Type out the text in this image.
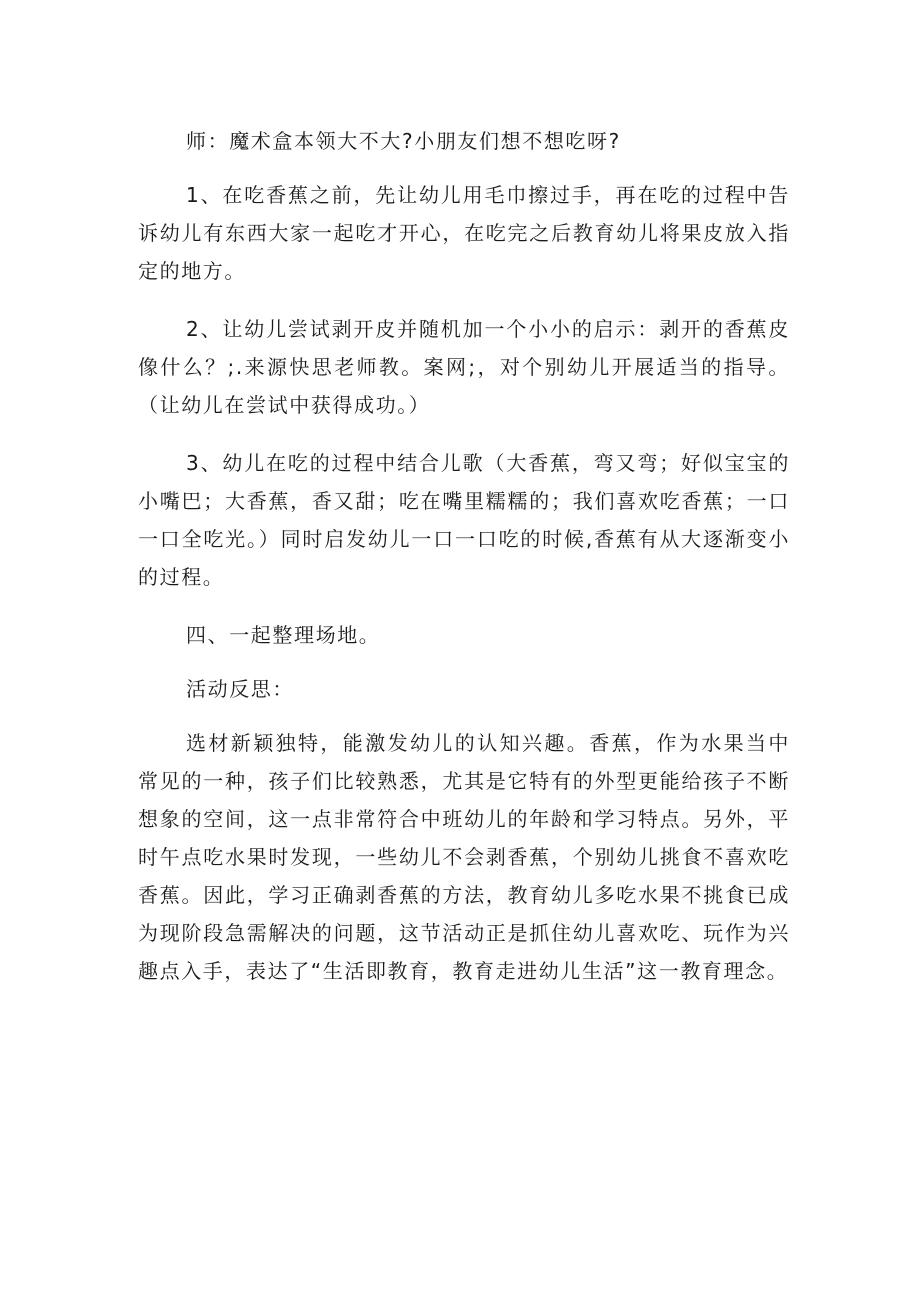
师：魔术盒本领大不大?小朋友们想不想吃呀?

1、在吃香蕉之前，先让幼儿用毛巾擦过手，再在吃的过程中告诉幼儿有东西大家一起吃才开心，在吃完之后教育幼儿将果皮放入指定的地方。

2、让幼儿尝试剥开皮并随机加一个小小的启示：剥开的香蕉皮像什么？;.来源快思老师教。案网;，对个别幼儿开展适当的指导。（让幼儿在尝试中获得成功。）

3、幼儿在吃的过程中结合儿歌（大香蕉，弯又弯；好似宝宝的小嘴巴；大香蕉，香又甜；吃在嘴里糯糯的；我们喜欢吃香蕉；一口一口全吃光。）同时启发幼儿一口一口吃的时候,香蕉有从大逐渐变小的过程。

四、一起整理场地。

活动反思：

选材新颖独特，能激发幼儿的认知兴趣。香蕉，作为水果当中常见的一种，孩子们比较熟悉，尤其是它特有的外型更能给孩子不断想象的空间，这一点非常符合中班幼儿的年龄和学习特点。另外，平时午点吃水果时发现，一些幼儿不会剥香蕉，个别幼儿挑食不喜欢吃香蕉。因此，学习正确剥香蕉的方法，教育幼儿多吃水果不挑食已成为现阶段急需解决的问题，这节活动正是抓住幼儿喜欢吃、玩作为兴趣点入手，表达了“生活即教育，教育走进幼儿生活”这一教育理念。
